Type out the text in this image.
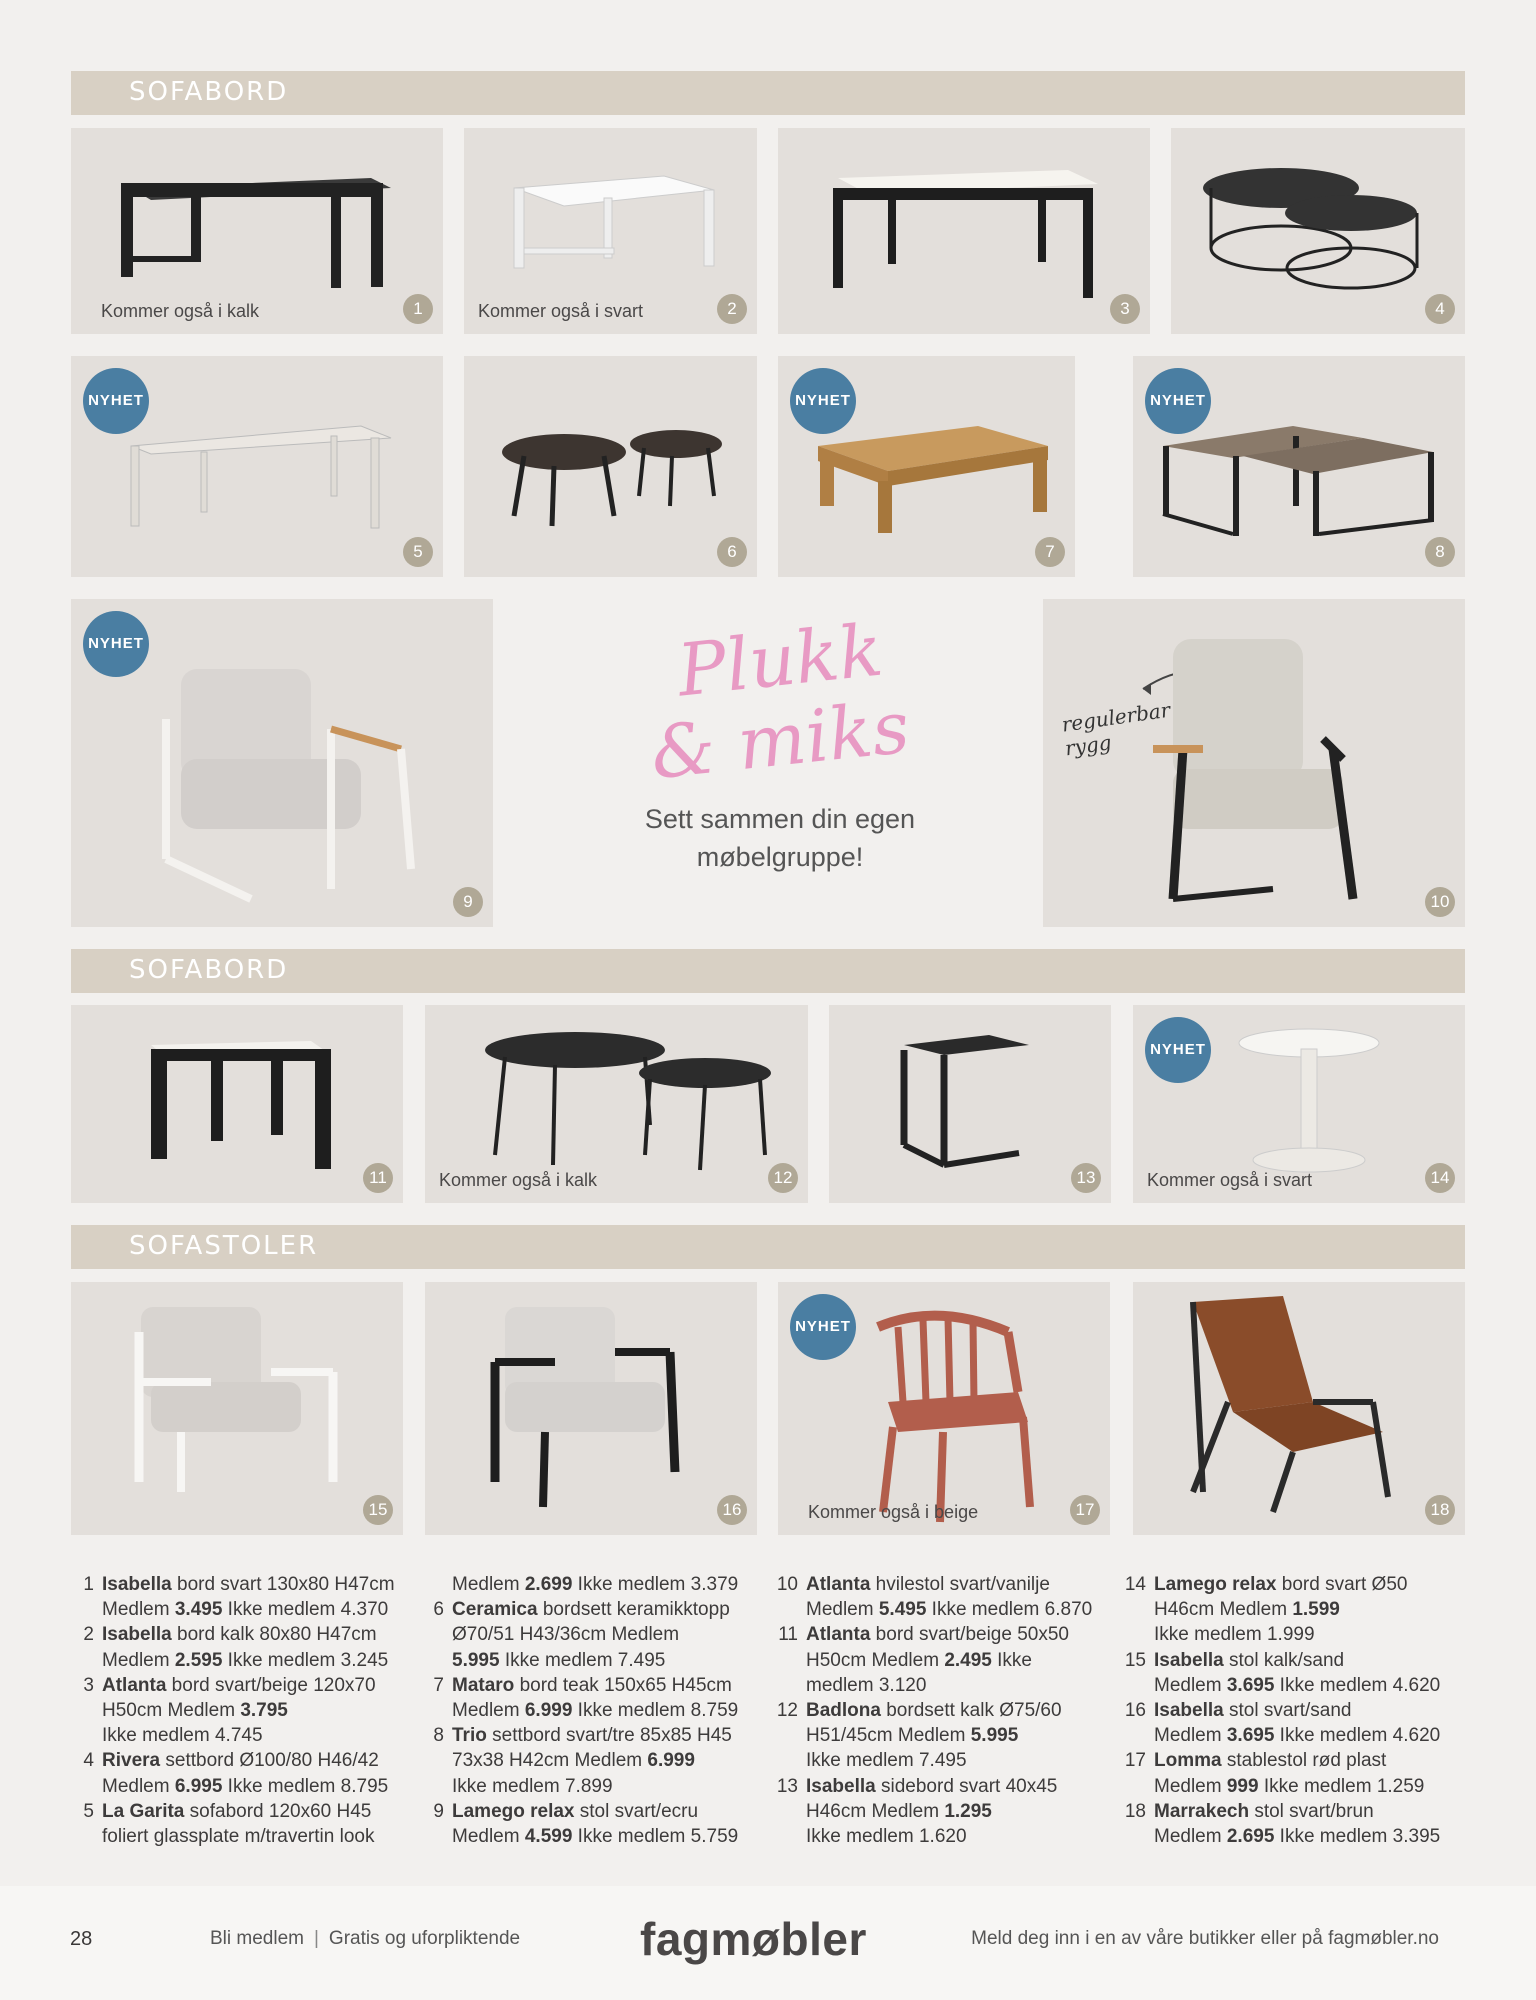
SOFABORD
SOFABORD
SOFASTOLER
Kommer også i kalk	1	Kommer også i svart	2	3	4
NYHET
5	6
NYHET
7
NYHET
8
NYHET
9
Plukk
& miks
Sett sammen din egen
møbelgruppe!
10
regulerbar rygg
11	Kommer også i kalk	12	13
NYHET
Kommer også i svart	14
15	16
NYHET
Kommer også i beige	17	18
1 Isabella bord svart 130x80 H47cm
Medlem 3.495 Ikke medlem 4.370
2 Isabella bord kalk 80x80 H47cm
Medlem 2.595 Ikke medlem 3.245
3 Atlanta bord svart/beige 120x70
H50cm Medlem 3.795
Ikke medlem 4.745
4 Rivera settbord Ø100/80 H46/42
Medlem 6.995 Ikke medlem 8.795
5 La Garita sofabord 120x60 H45
foliert glassplate m/travertin look
Medlem 2.699 Ikke medlem 3.379
6 Ceramica bordsett keramikktopp
Ø70/51 H43/36cm Medlem
5.995 Ikke medlem 7.495
7 Mataro bord teak 150x65 H45cm
Medlem 6.999 Ikke medlem 8.759
8 Trio settbord svart/tre 85x85 H45
73x38 H42cm Medlem 6.999
Ikke medlem 7.899
9 Lamego relax stol svart/ecru
Medlem 4.599 Ikke medlem 5.759
10 Atlanta hvilestol svart/vanilje
Medlem 5.495 Ikke medlem 6.870
11 Atlanta bord svart/beige 50x50
H50cm Medlem 2.495 Ikke
medlem 3.120
12 Badlona bordsett kalk Ø75/60
H51/45cm Medlem 5.995
Ikke medlem 7.495
13 Isabella sidebord svart 40x45
H46cm Medlem 1.295
Ikke medlem 1.620
14 Lamego relax bord svart Ø50
H46cm Medlem 1.599
Ikke medlem 1.999
15 Isabella stol kalk/sand
Medlem 3.695 Ikke medlem 4.620
16 Isabella stol svart/sand
Medlem 3.695 Ikke medlem 4.620
17 Lomma stablestol rød plast
Medlem 999 Ikke medlem 1.259
18 Marrakech stol svart/brun
Medlem 2.695 Ikke medlem 3.395
28	Bli medlem | Gratis og uforpliktende	fagmøbler	Meld deg inn i en av våre butikker eller på fagmøbler.no
